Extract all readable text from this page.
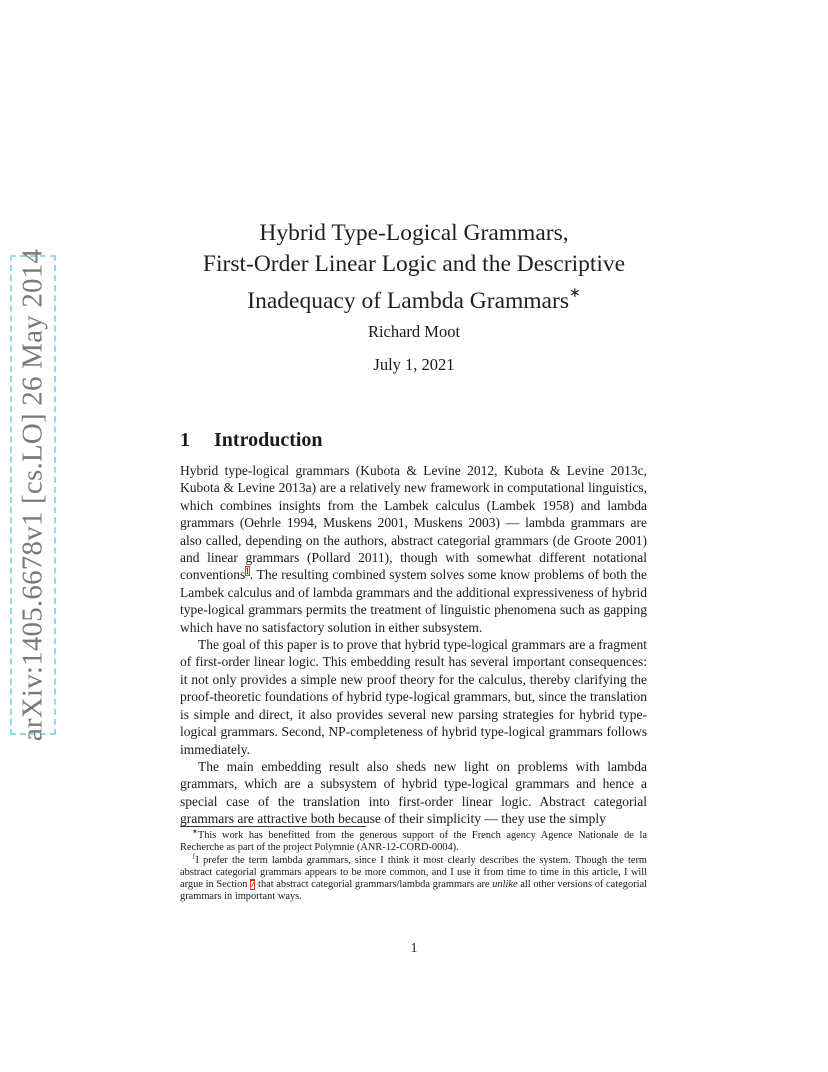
arXiv:1405.6678v1 [cs.LO] 26 May 2014
Hybrid Type-Logical Grammars,
First-Order Linear Logic and the Descriptive
Inadequacy of Lambda Grammars∗
Richard Moot
July 1, 2021
1 Introduction

Hybrid type-logical grammars (Kubota & Levine 2012, Kubota & Levine 2013c, Kubota & Levine 2013a) are a relatively new framework in computational linguistics, which combines insights from the Lambek calculus (Lambek 1958) and lambda grammars (Oehrle 1994, Muskens 2001, Muskens 2003) — lambda grammars are also called, depending on the authors, abstract categorial grammars (de Groote 2001) and linear grammars (Pollard 2011), though with somewhat different notational conventions$^1$. The resulting combined system solves some know problems of both the Lambek calculus and of lambda grammars and the additional expressiveness of hybrid type-logical grammars permits the treatment of linguistic phenomena such as gapping which have no satisfactory solution in either subsystem.

The goal of this paper is to prove that hybrid type-logical grammars are a fragment of first-order linear logic. This embedding result has several important consequences: it not only provides a simple new proof theory for the calculus, thereby clarifying the proof-theoretic foundations of hybrid type-logical grammars, but, since the translation is simple and direct, it also provides several new parsing strategies for hybrid type-logical grammars. Second, NP-completeness of hybrid type-logical grammars follows immediately.

The main embedding result also sheds new light on problems with lambda grammars, which are a subsystem of hybrid type-logical grammars and hence a special case of the translation into first-order linear logic. Abstract categorial grammars are attractive both because of their simplicity — they use the simply

∗This work has benefitted from the generous support of the French agency Agence Nationale de la Recherche as part of the project Polymnie (ANR-12-CORD-0004).

$^1$I prefer the term lambda grammars, since I think it most clearly describes the system. Though the term abstract categorial grammars appears to be more common, and I use it from time to time in this article, I will argue in Section 7 that abstract categorial grammars/lambda grammars are unlike all other versions of categorial grammars in important ways.

1
